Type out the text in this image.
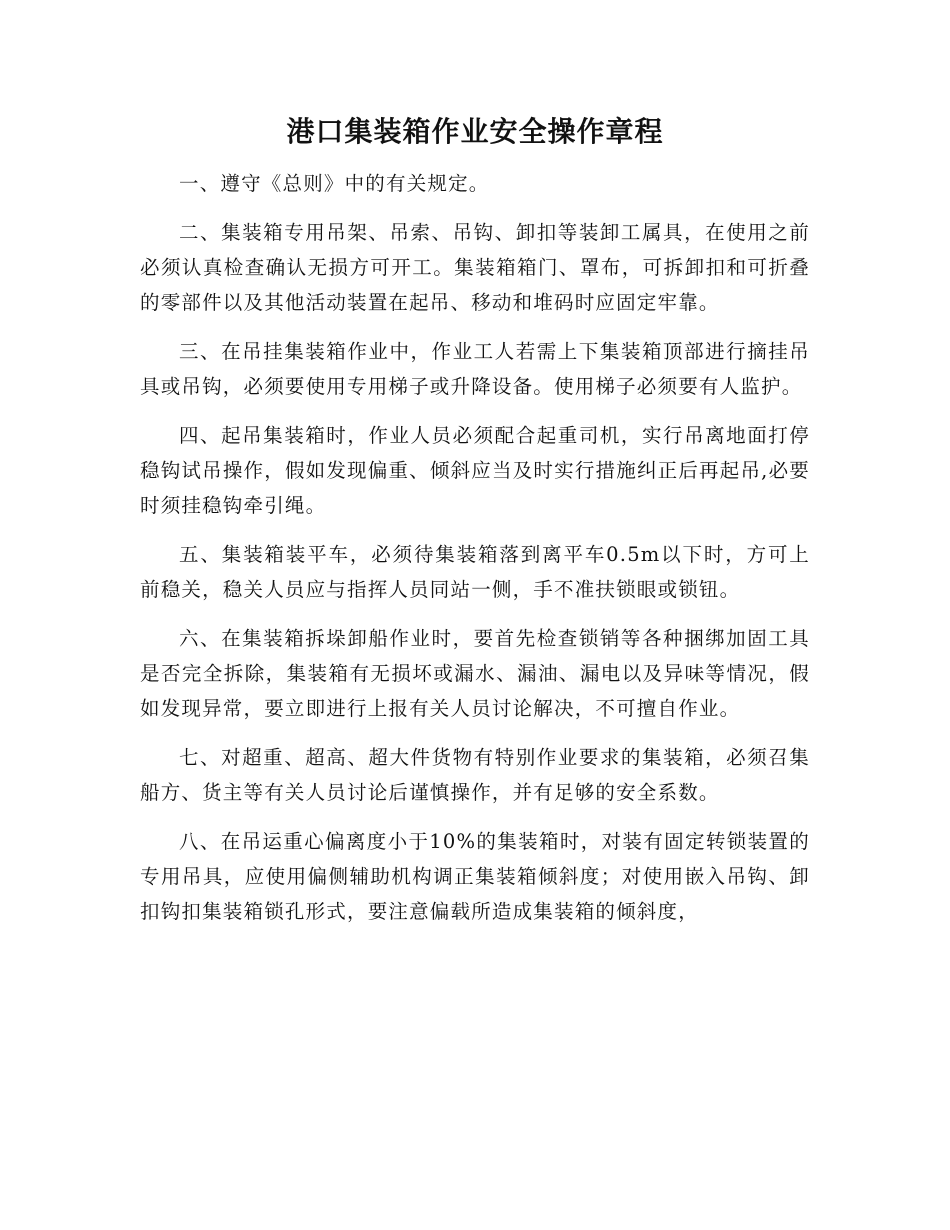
港口集装箱作业安全操作章程

一、遵守《总则》中的有关规定。

二、集装箱专用吊架、吊索、吊钩、卸扣等装卸工属具，在使用之前必须认真检查确认无损方可开工。集装箱箱门、罩布，可拆卸扣和可折叠的零部件以及其他活动装置在起吊、移动和堆码时应固定牢靠。

三、在吊挂集装箱作业中，作业工人若需上下集装箱顶部进行摘挂吊具或吊钩，必须要使用专用梯子或升降设备。使用梯子必须要有人监护。

四、起吊集装箱时，作业人员必须配合起重司机，实行吊离地面打停稳钩试吊操作，假如发现偏重、倾斜应当及时实行措施纠正后再起吊,必要时须挂稳钩牵引绳。

五、集装箱装平车，必须待集装箱落到离平车0.5m以下时，方可上前稳关，稳关人员应与指挥人员同站一侧，手不准扶锁眼或锁钮。

六、在集装箱拆垛卸船作业时，要首先检查锁销等各种捆绑加固工具是否完全拆除，集装箱有无损坏或漏水、漏油、漏电以及异味等情况，假如发现异常，要立即进行上报有关人员讨论解决，不可擅自作业。

七、对超重、超高、超大件货物有特别作业要求的集装箱，必须召集船方、货主等有关人员讨论后谨慎操作，并有足够的安全系数。

八、在吊运重心偏离度小于10%的集装箱时，对装有固定转锁装置的专用吊具，应使用偏侧辅助机构调正集装箱倾斜度；对使用嵌入吊钩、卸扣钩扣集装箱锁孔形式，要注意偏载所造成集装箱的倾斜度，
